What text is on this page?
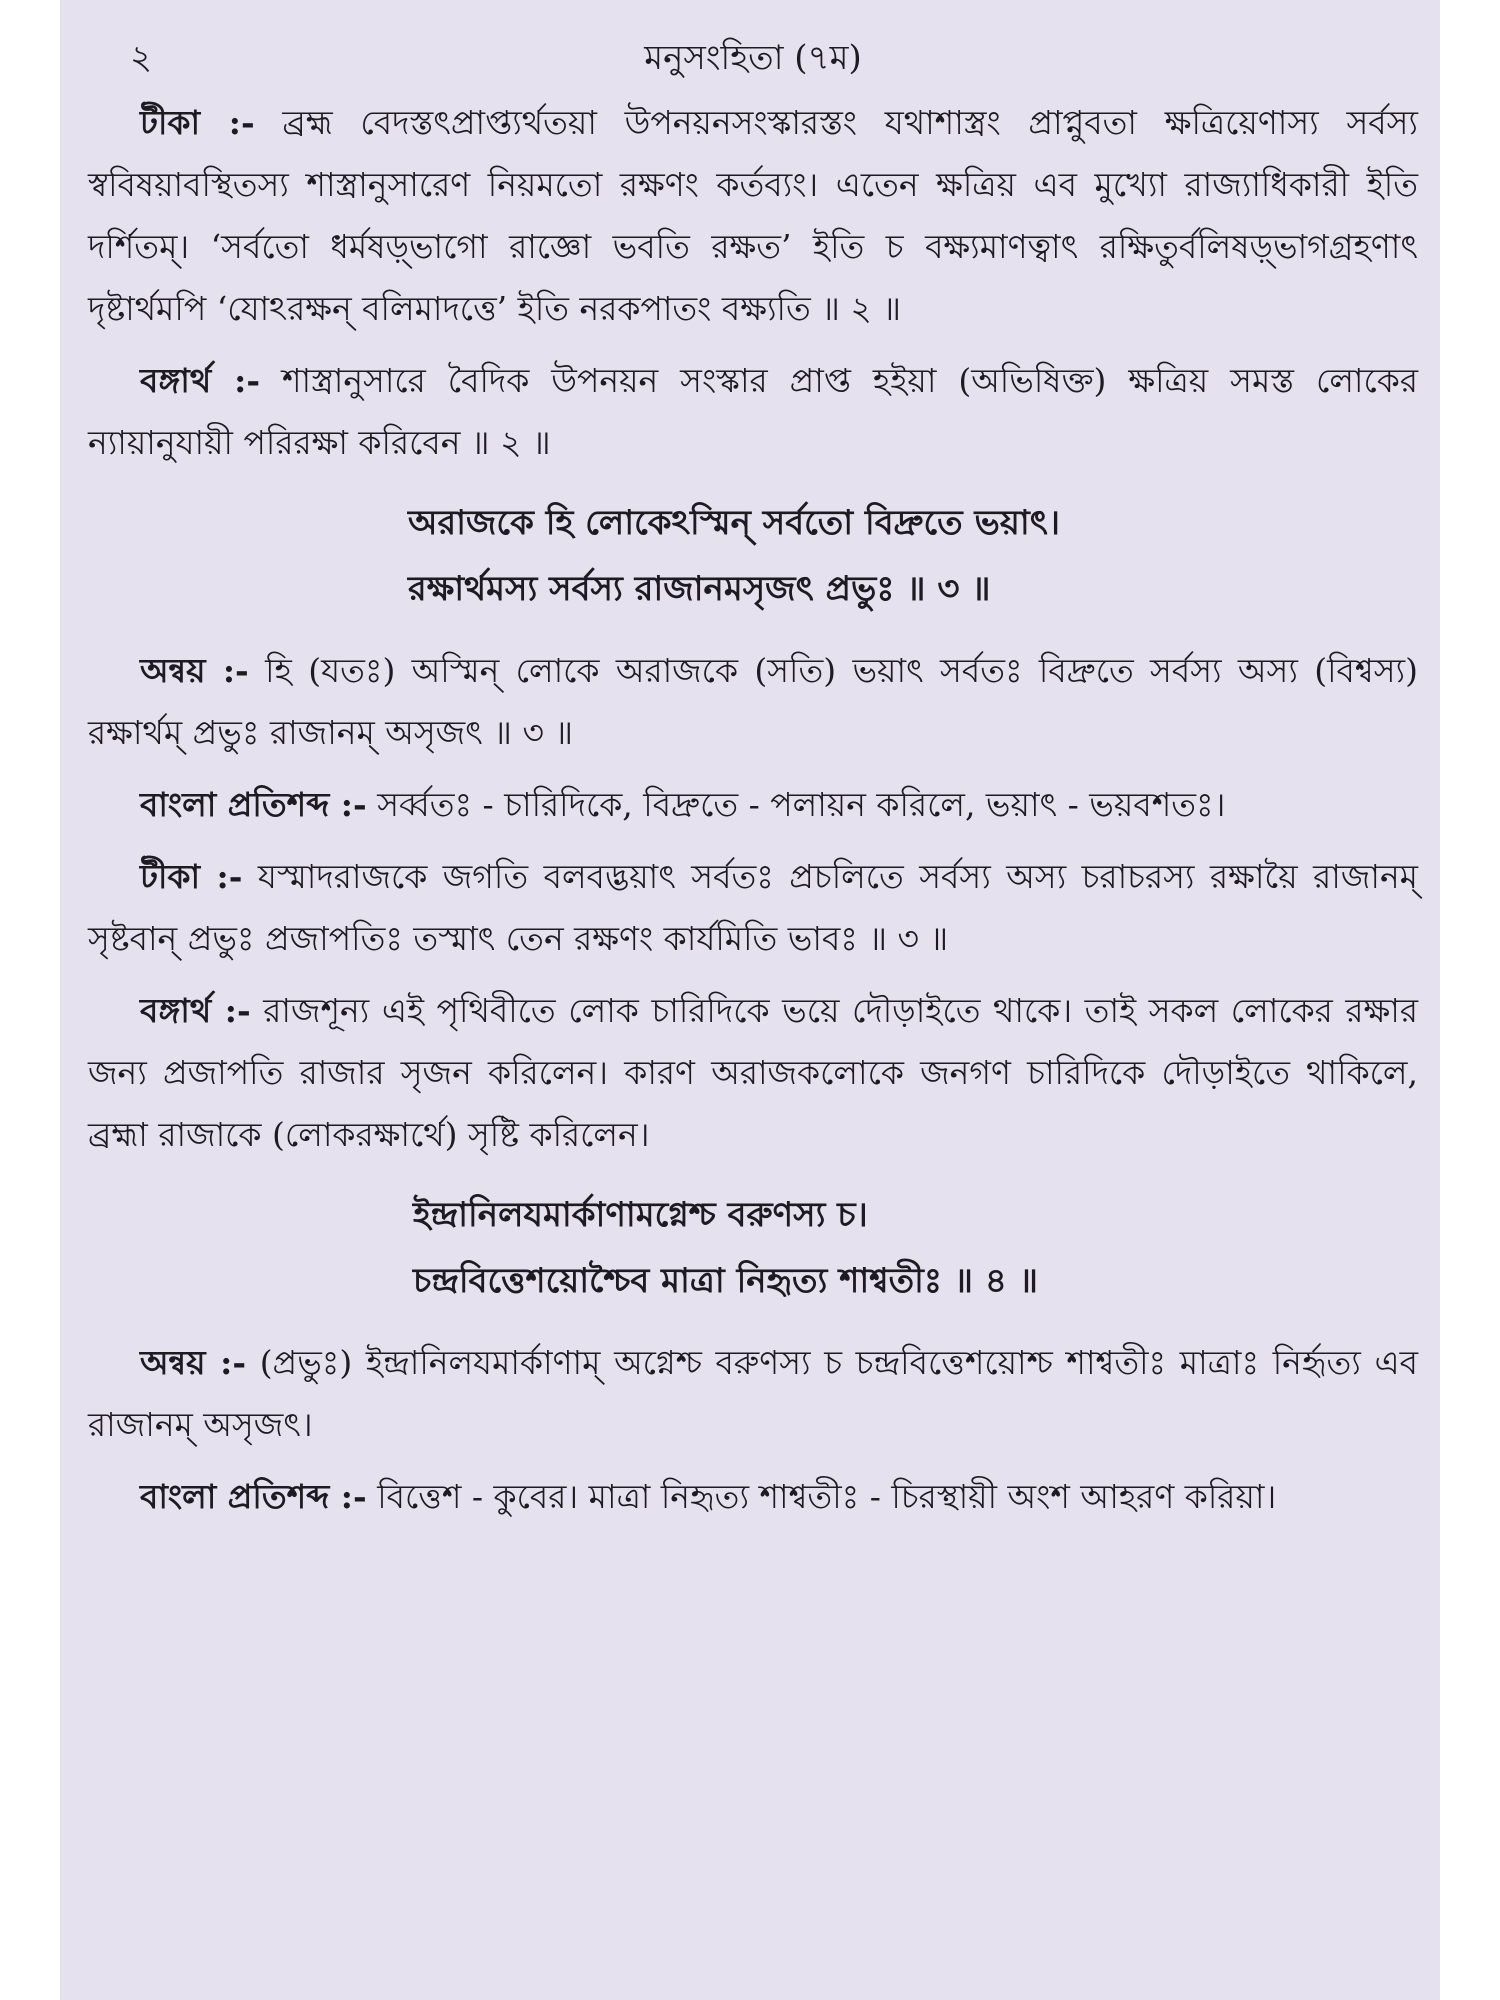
২	মনুসংহিতা (৭ম)

টীকা :- ব্রহ্ম বেদস্তৎপ্রাপ্ত্যর্থতয়া উপনয়নসংস্কারস্তং যথাশাস্ত্রং প্রাপ্নুবতা ক্ষত্রিয়েণাস্য সর্বস্য স্ববিষয়াবস্থিতস্য শাস্ত্রানুসারেণ নিয়মতো রক্ষণং কর্তব্যং। এতেন ক্ষত্রিয় এব মুখ্যো রাজ্যাধিকারী ইতি দর্শিতম্। ‘সর্বতো ধর্মষড়্ভাগো রাজ্ঞো ভবতি রক্ষত’ ইতি চ বক্ষ্যমাণত্বাৎ রক্ষিতুর্বলিষড়্ভাগগ্রহণাৎ দৃষ্টার্থমপি ‘যোঽরক্ষন্ বলিমাদত্তে’ ইতি নরকপাতং বক্ষ্যতি ॥ ২ ॥

বঙ্গার্থ :- শাস্ত্রানুসারে বৈদিক উপনয়ন সংস্কার প্রাপ্ত হইয়া (অভিষিক্ত) ক্ষত্রিয় সমস্ত লোকের ন্যায়ানুযায়ী পরিরক্ষা করিবেন ॥ ২ ॥

অরাজকে হি লোকেঽস্মিন্ সর্বতো বিদ্রুতে ভয়াৎ।
রক্ষার্থমস্য সর্বস্য রাজানমসৃজৎ প্রভুঃ ॥ ৩ ॥

অন্বয় :- হি (যতঃ) অস্মিন্ লোকে অরাজকে (সতি) ভয়াৎ সর্বতঃ বিদ্রুতে সর্বস্য অস্য (বিশ্বস্য) রক্ষার্থম্ প্রভুঃ রাজানম্ অসৃজৎ ॥ ৩ ॥

বাংলা প্রতিশব্দ :- সর্ব্বতঃ - চারিদিকে, বিদ্রুতে - পলায়ন করিলে, ভয়াৎ - ভয়বশতঃ।

টীকা :- যস্মাদরাজকে জগতি বলবদ্ভয়াৎ সর্বতঃ প্রচলিতে সর্বস্য অস্য চরাচরস্য রক্ষায়ৈ রাজানম্ সৃষ্টবান্ প্রভুঃ প্রজাপতিঃ তস্মাৎ তেন রক্ষণং কার্যমিতি ভাবঃ ॥ ৩ ॥

বঙ্গার্থ :- রাজশূন্য এই পৃথিবীতে লোক চারিদিকে ভয়ে দৌড়াইতে থাকে। তাই সকল লোকের রক্ষার জন্য প্রজাপতি রাজার সৃজন করিলেন। কারণ অরাজকলোকে জনগণ চারিদিকে দৌড়াইতে থাকিলে, ব্রহ্মা রাজাকে (লোকরক্ষার্থে) সৃষ্টি করিলেন।

ইন্দ্রানিলযমার্কাণামগ্নেশ্চ বরুণস্য চ।
চন্দ্রবিত্তেশয়োশ্চৈব মাত্রা নিহৃত্য শাশ্বতীঃ ॥ ৪ ॥

অন্বয় :- (প্রভুঃ) ইন্দ্রানিলযমার্কাণাম্ অগ্নেশ্চ বরুণস্য চ চন্দ্রবিত্তেশয়োশ্চ শাশ্বতীঃ মাত্রাঃ নির্হৃত্য এব রাজানম্ অসৃজৎ।

বাংলা প্রতিশব্দ :- বিত্তেশ - কুবের। মাত্রা নিহৃত্য শাশ্বতীঃ - চিরস্থায়ী অংশ আহরণ করিয়া।
